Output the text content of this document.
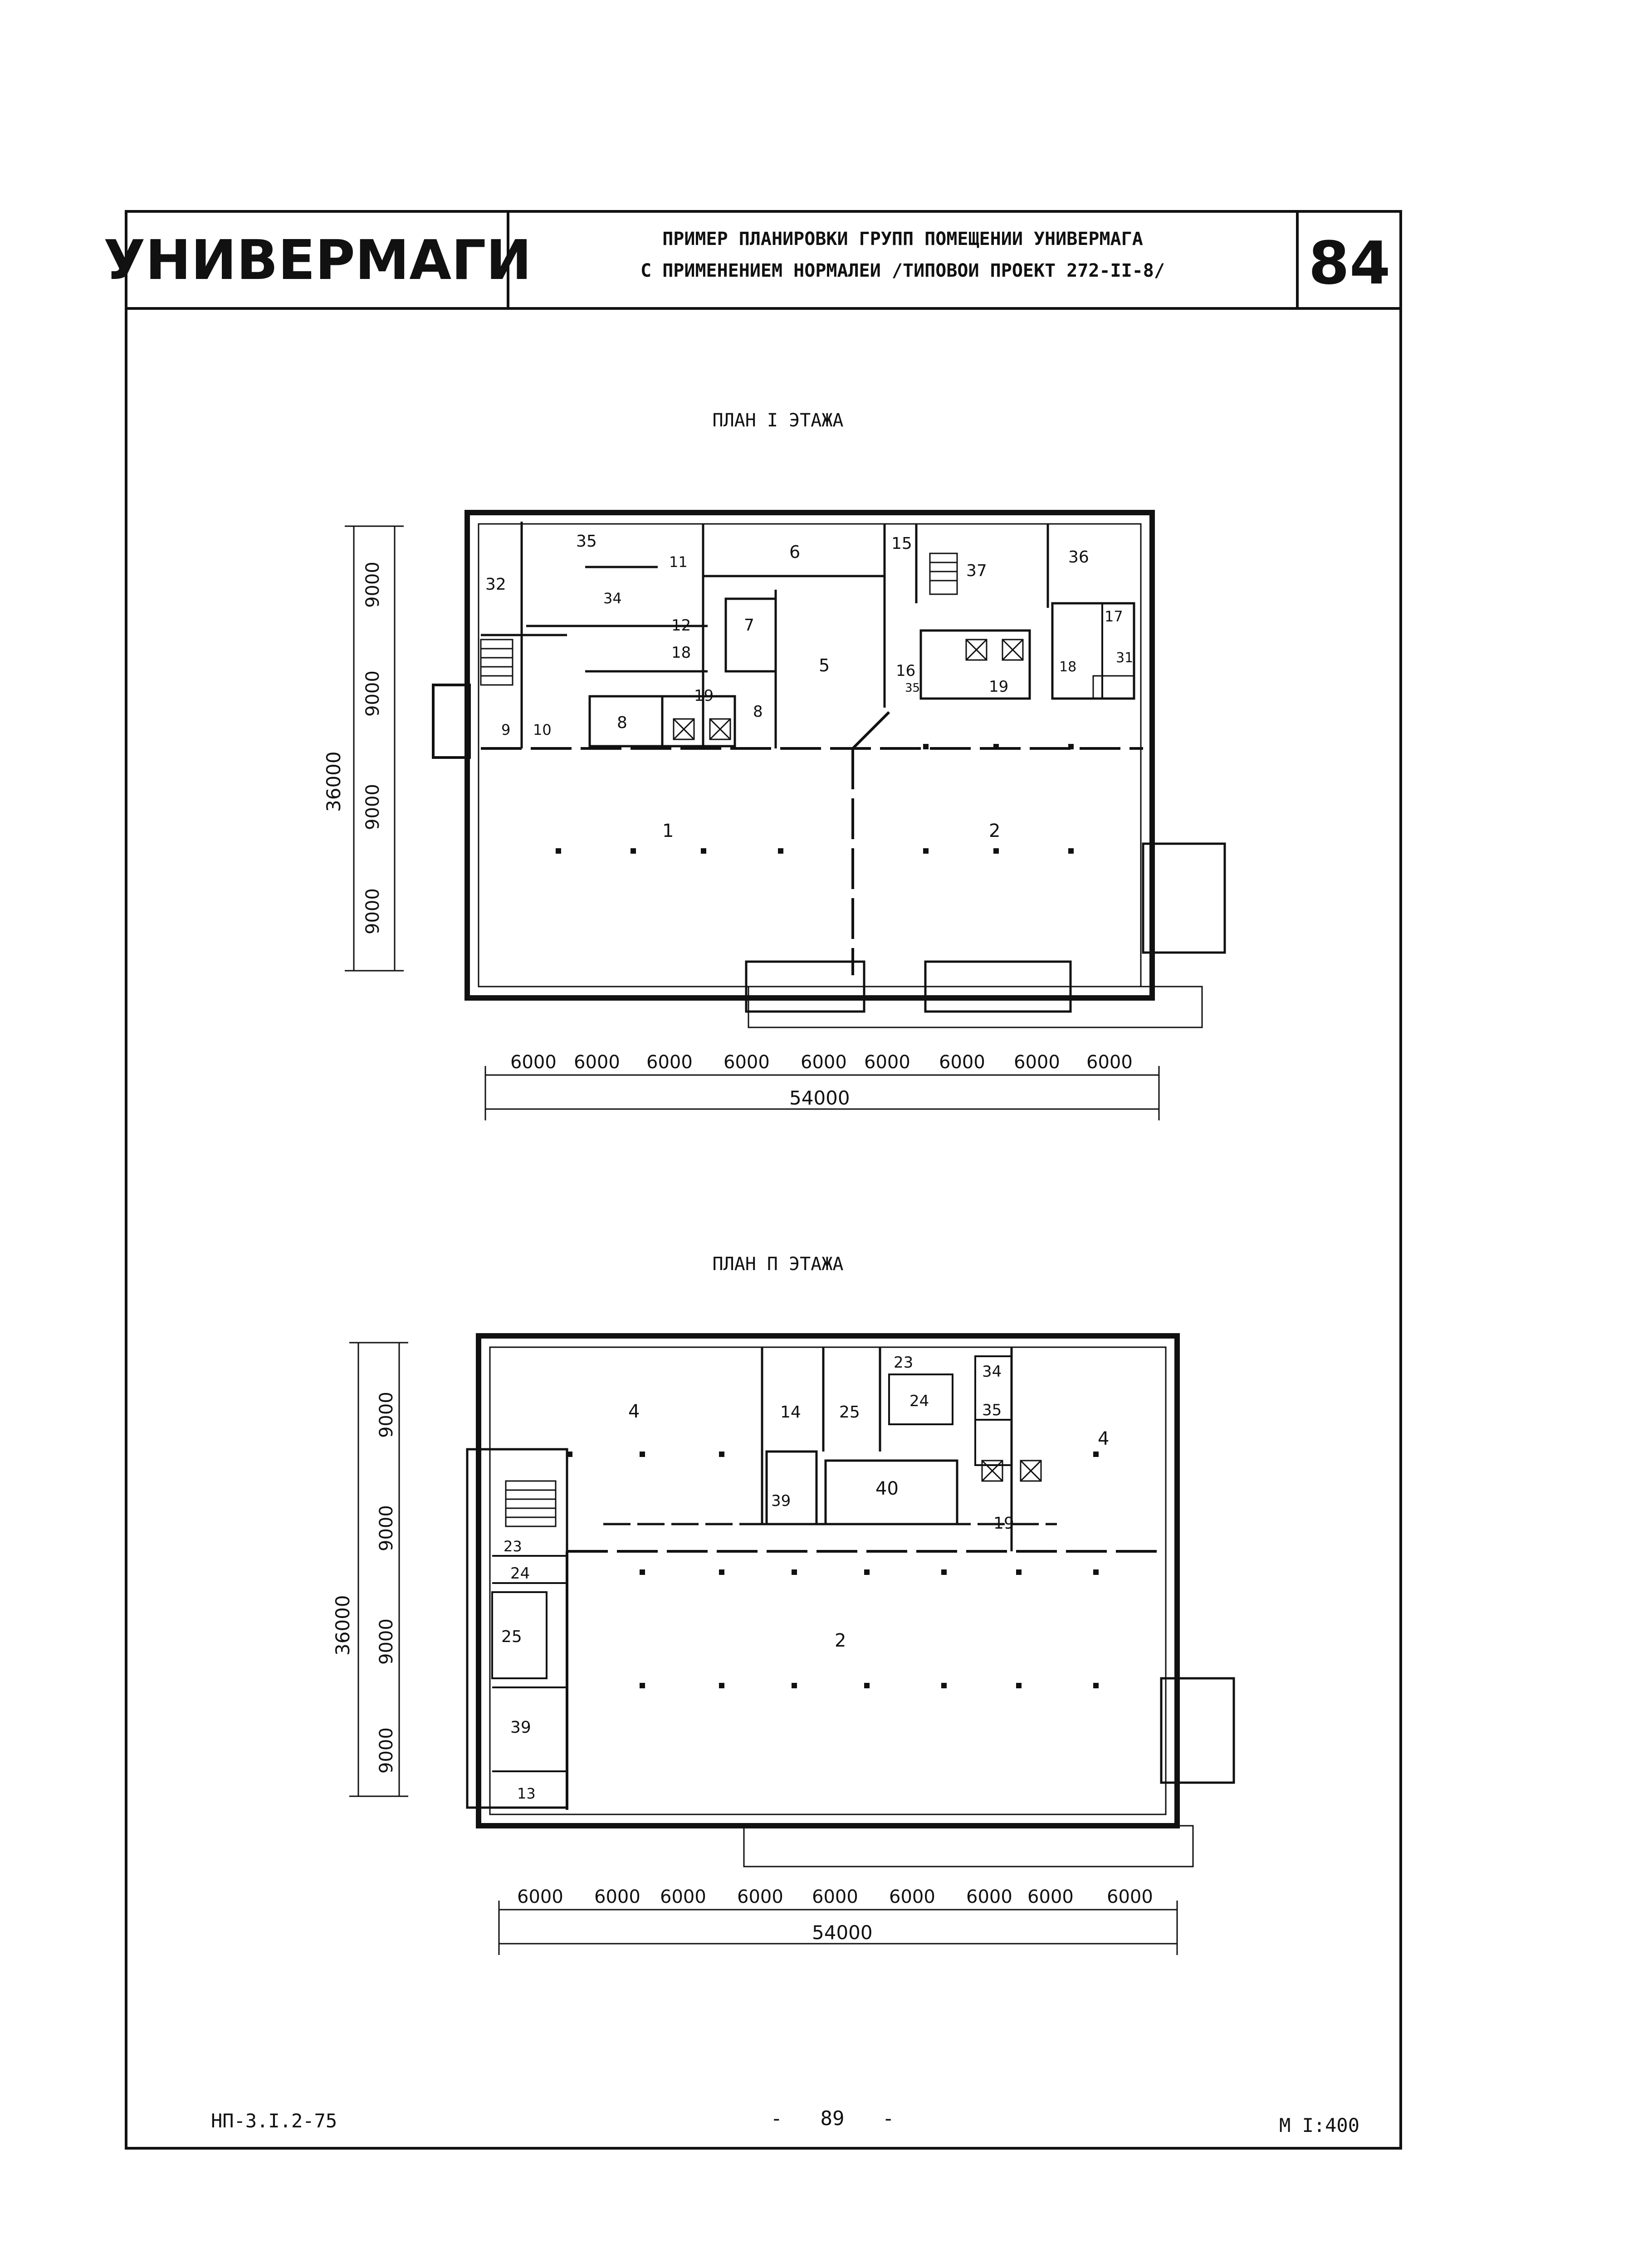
УНИВЕРМАГИ	ПРИМЕР ПЛАНИРОВКИ ГРУПП ПОМЕЩЕНИИ УНИВЕРМАГА
С ПРИМЕНЕНИЕМ НОРМАЛЕИ /ТИПОВОИ ПРОЕКТ 272-II-8/ 84
ПЛАН I ЭТАЖА
35
6	15
37
36
32
34
11
12
18
7
5
17
16
19
18
31
9 10	8
19
8
35
1	2
6000 6000 6000 6000 6000 6000 6000 6000 6000
54000
9000
9000
9000
9000
36000
ПЛАН П ЭТАЖА
4	14 25
23
24
34
35
4
39
40
19
23
24
25	2
39
13
6000 6000 6000 6000 6000 6000 6000 6000 6000
54000
9000
9000
9000
9000
36000
НП-3.I.2-75	- 89 -	М I:400
